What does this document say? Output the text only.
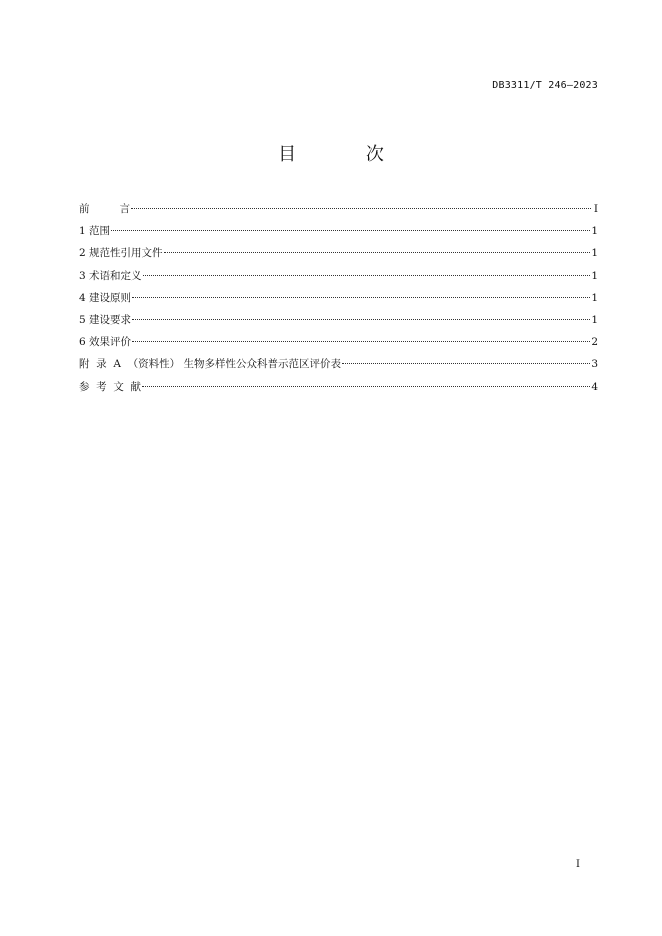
DB3311/T 246—2023
目 次
前         言	I
1 范围	1
2 规范性引用文件	1
3 术语和定义	1
4 建设原则	1
5 建设要求	1
6 效果评价	2
附  录  A  （资料性） 生物多样性公众科普示范区评价表	3
参  考  文  献	4
I
